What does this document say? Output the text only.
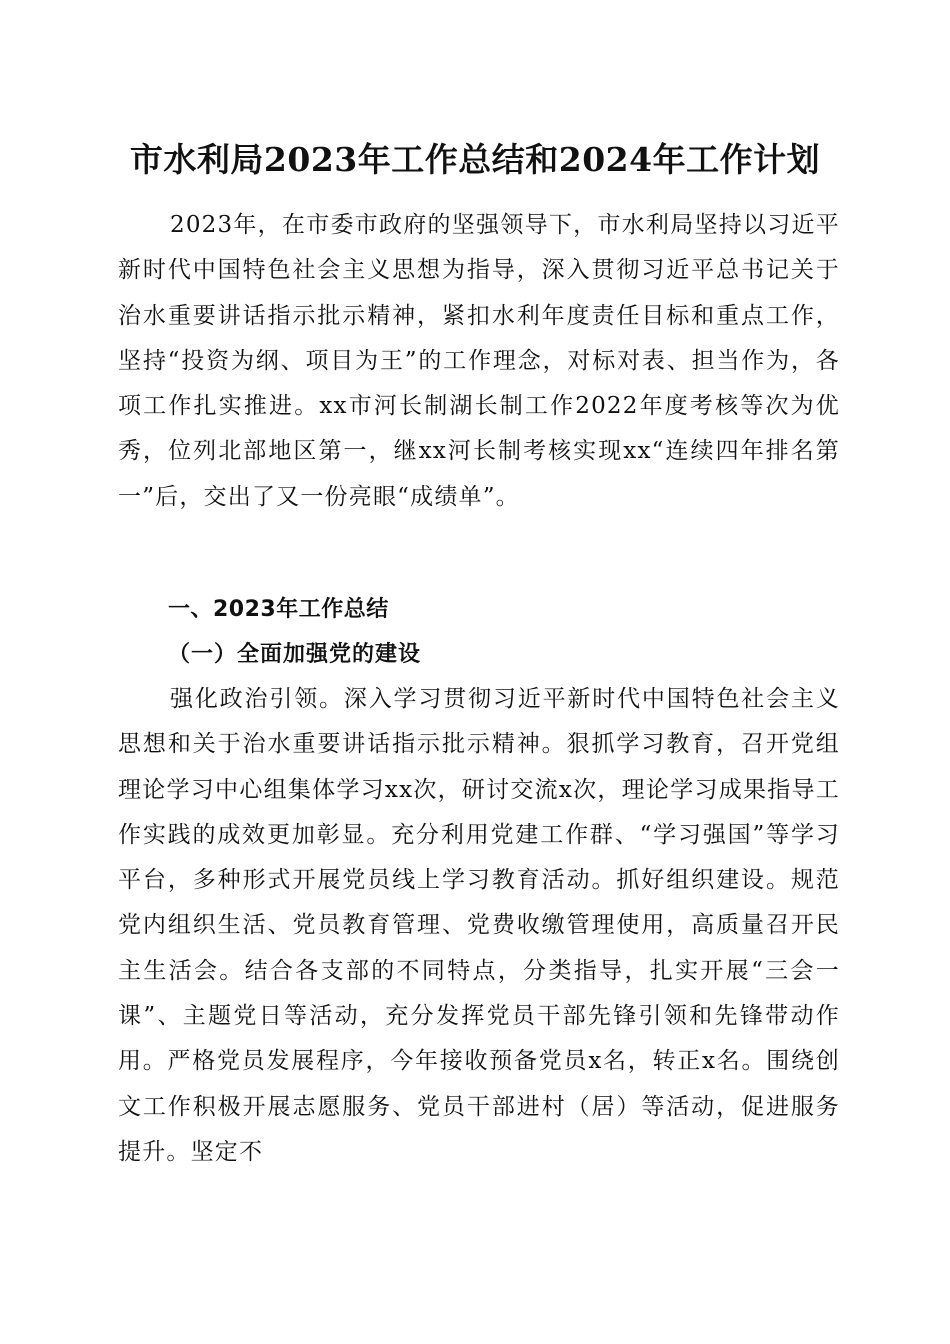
市水利局2023年工作总结和2024年工作计划

2023年，在市委市政府的坚强领导下，市水利局坚持以习近平新时代中国特色社会主义思想为指导，深入贯彻习近平总书记关于治水重要讲话指示批示精神，紧扣水利年度责任目标和重点工作，坚持“投资为纲、项目为王”的工作理念，对标对表、担当作为，各项工作扎实推进。xx市河长制湖长制工作2022年度考核等次为优秀，位列北部地区第一，继xx河长制考核实现xx“连续四年排名第一”后，交出了又一份亮眼“成绩单”。

一、2023年工作总结
（一）全面加强党的建设

强化政治引领。深入学习贯彻习近平新时代中国特色社会主义思想和关于治水重要讲话指示批示精神。狠抓学习教育，召开党组理论学习中心组集体学习xx次，研讨交流x次，理论学习成果指导工作实践的成效更加彰显。充分利用党建工作群、“学习强国”等学习平台，多种形式开展党员线上学习教育活动。抓好组织建设。规范党内组织生活、党员教育管理、党费收缴管理使用，高质量召开民主生活会。结合各支部的不同特点，分类指导，扎实开展“三会一课”、主题党日等活动，充分发挥党员干部先锋引领和先锋带动作用。严格党员发展程序，今年接收预备党员x名，转正x名。围绕创文工作积极开展志愿服务、党员干部进村（居）等活动，促进服务提升。坚定不
